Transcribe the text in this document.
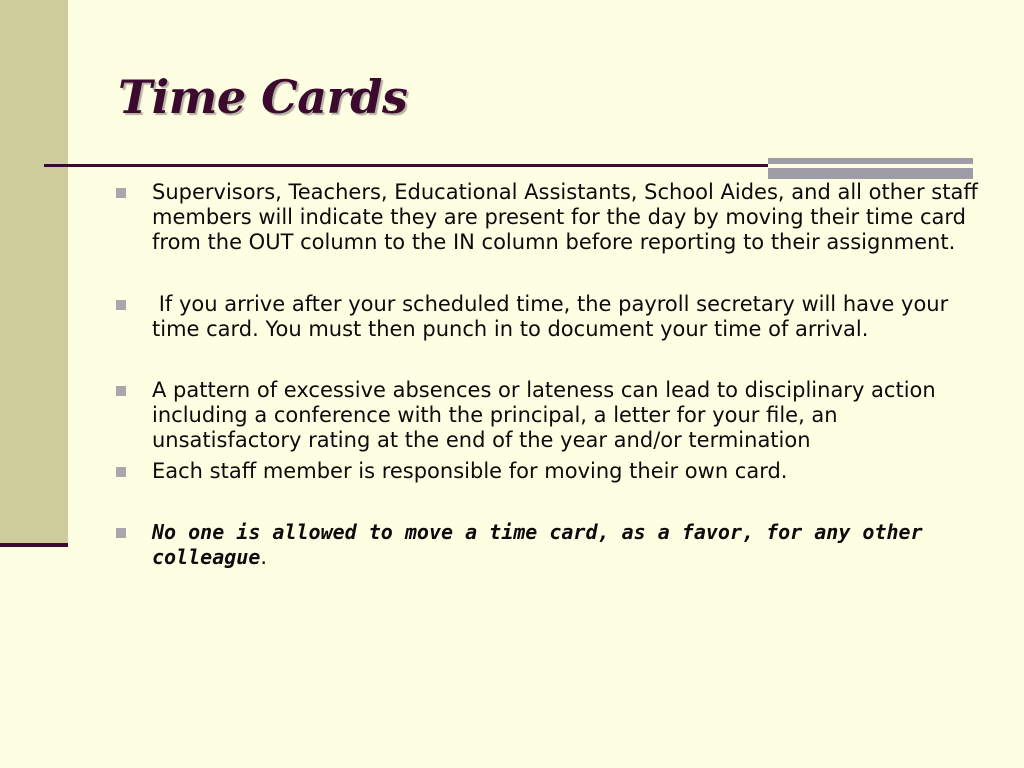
Time Cards
Supervisors, Teachers, Educational Assistants, School Aides, and all other staff members will indicate they are present for the day by moving their time card from the OUT column to the IN column before reporting to their assignment.
If you arrive after your scheduled time, the payroll secretary will have your time card. You must then punch in to document your time of arrival.
A pattern of excessive absences or lateness can lead to disciplinary action including a conference with the principal, a letter for your file, an unsatisfactory rating at the end of the year and/or termination
Each staff member is responsible for moving their own card.
No one is allowed to move a time card, as a favor, for any other colleague.
